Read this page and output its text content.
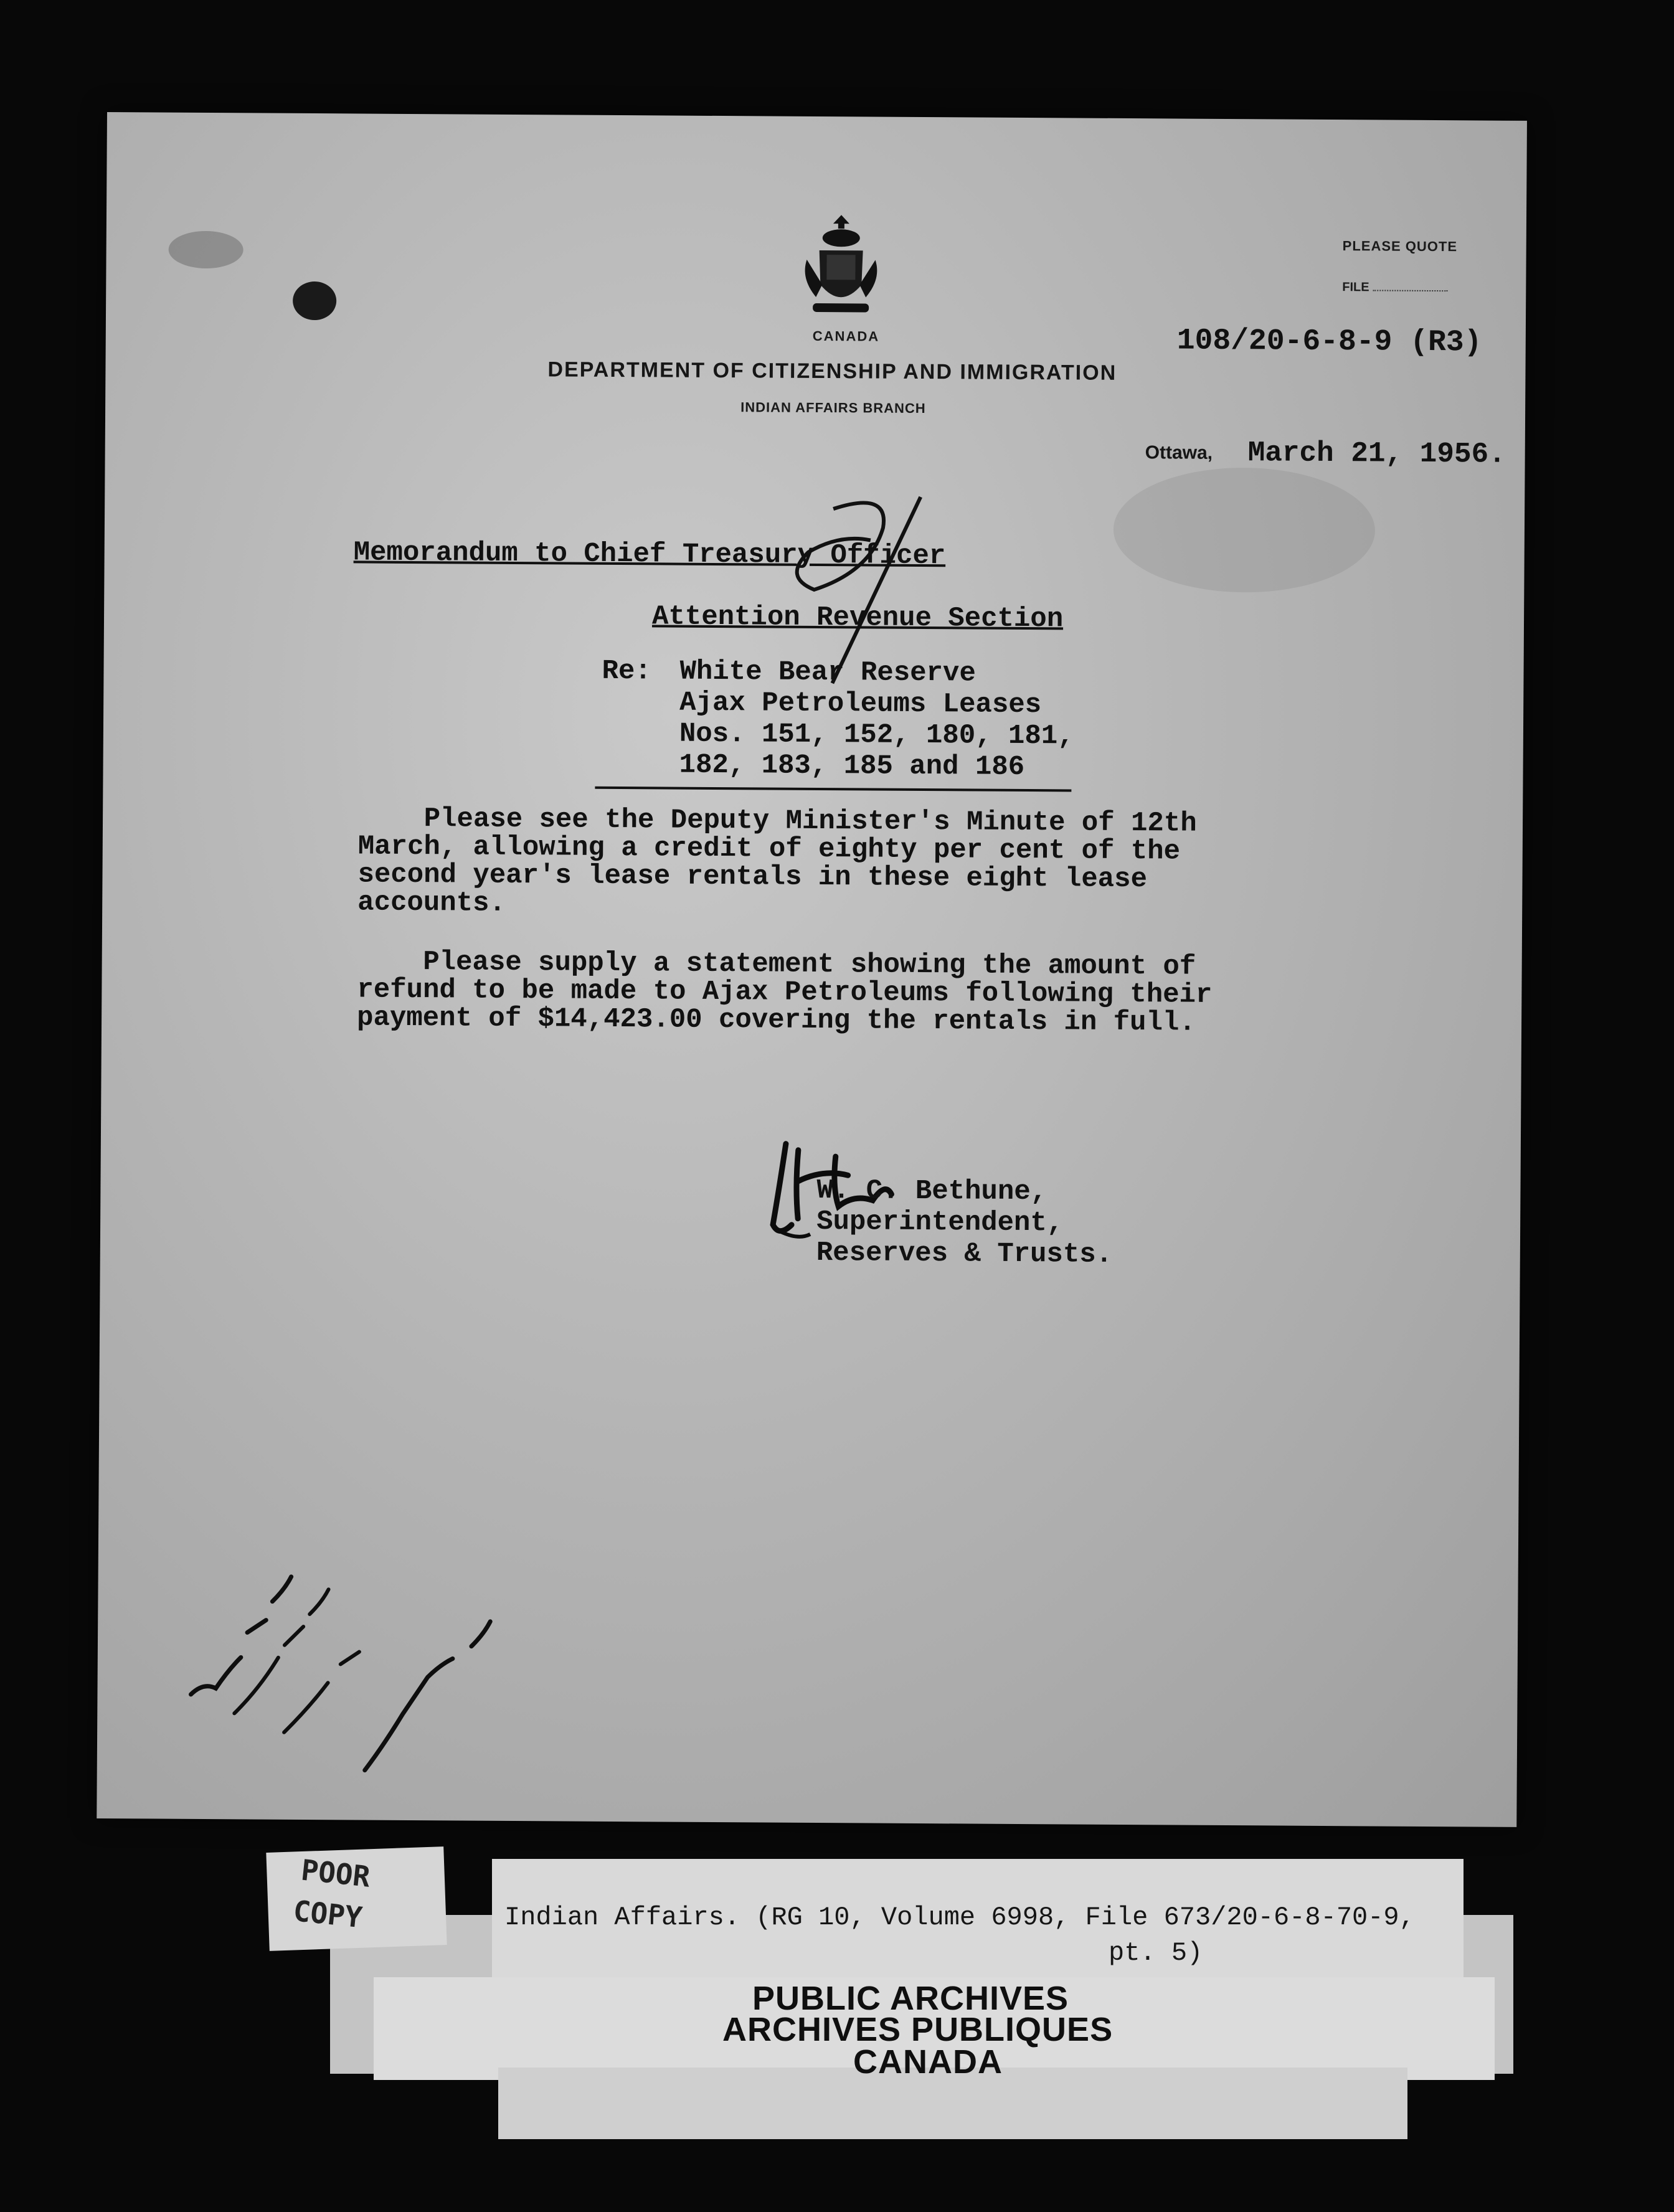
CANADA
PLEASE QUOTE
FILE
108/20-6-8-9 (R3)
DEPARTMENT OF CITIZENSHIP AND IMMIGRATION
INDIAN AFFAIRS BRANCH
Ottawa, March 21, 1956.
Memorandum to Chief Treasury Officer
Attention Revenue Section
Re: White Bear Reserve
Ajax Petroleums Leases
Nos. 151, 152, 180, 181,
182, 183, 185 and 186
Please see the Deputy Minister's Minute of 12th
March, allowing a credit of eighty per cent of the
second year's lease rentals in these eight lease
accounts.
Please supply a statement showing the amount of
refund to be made to Ajax Petroleums following their
payment of $14,423.00 covering the rentals in full.
W. C. Bethune,
Superintendent,
Reserves & Trusts.
POOR
COPY	Indian Affairs. (RG 10, Volume 6998, File 673/20-6-8-70-9,
pt. 5)
PUBLIC ARCHIVES
ARCHIVES PUBLIQUES
CANADA
